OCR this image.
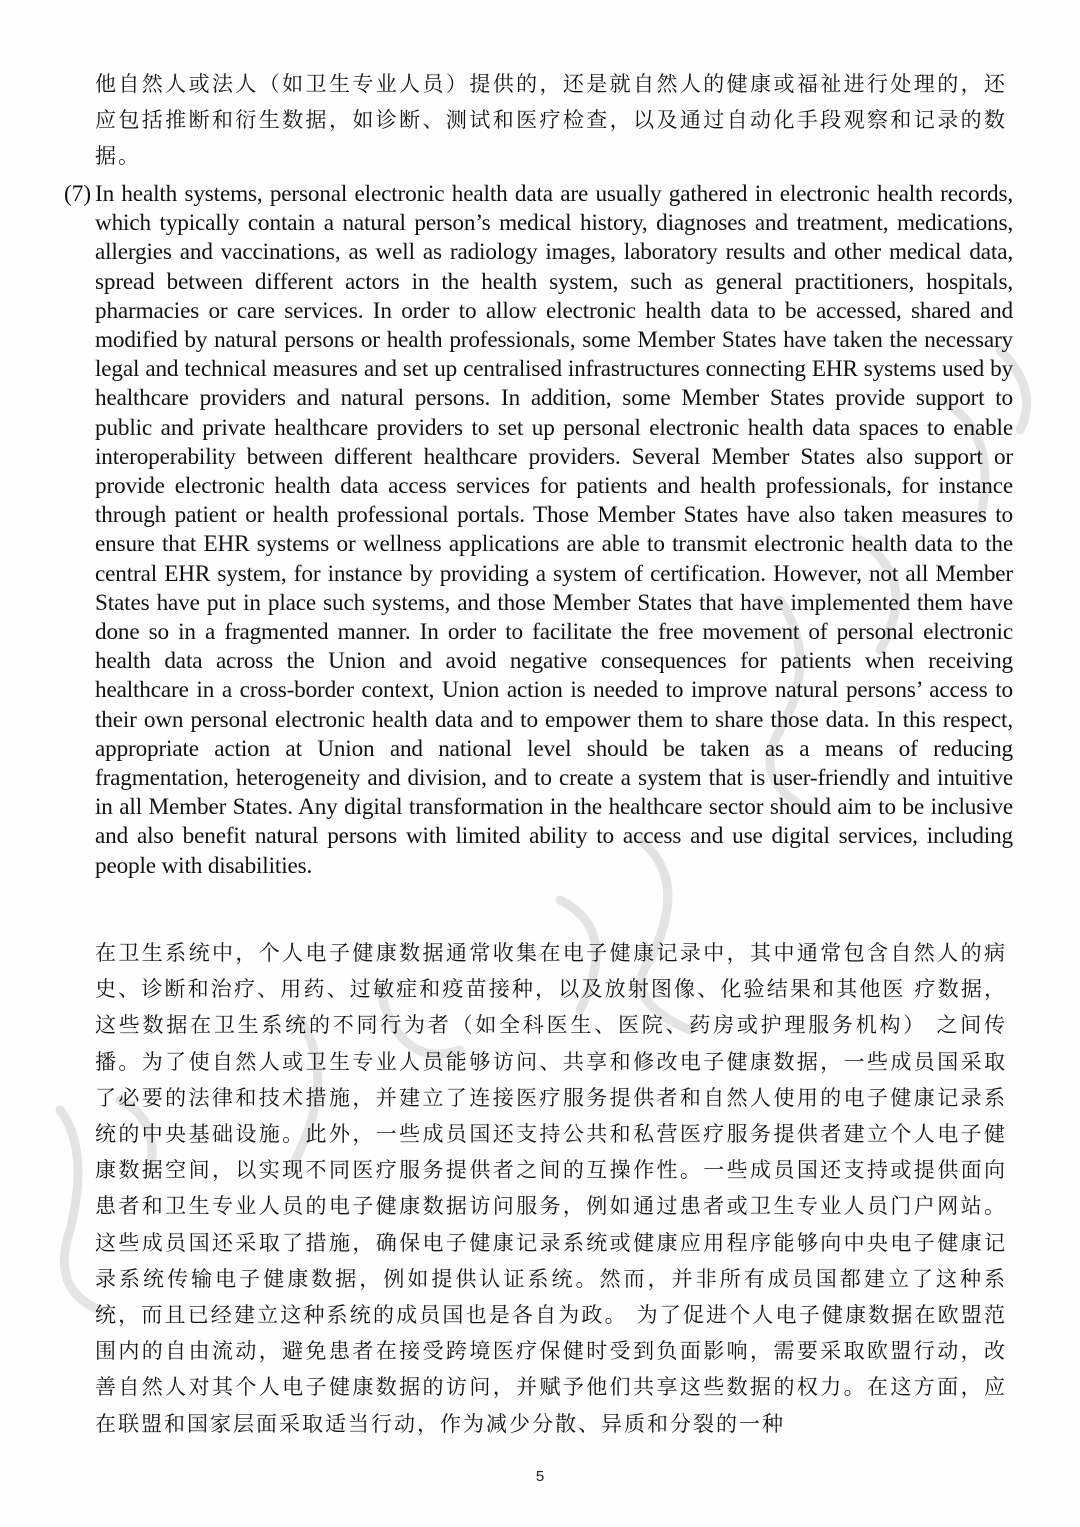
他自然人或法人（如卫生专业人员）提供的，还是就自然人的健康或福祉进行处理的，还应包括推断和衍生数据，如诊断、测试和医疗检查，以及通过自动化手段观察和记录的数据。
(7) In health systems, personal electronic health data are usually gathered in electronic health records, which typically contain a natural person’s medical history, diagnoses and treatment, medications, allergies and vaccinations, as well as radiology images, laboratory results and other medical data, spread between different actors in the health system, such as general practitioners, hospitals, pharmacies or care services. In order to allow electronic health data to be accessed, shared and modified by natural persons or health professionals, some Member States have taken the necessary legal and technical measures and set up centralised infrastructures connecting EHR systems used by healthcare providers and natural persons. In addition, some Member States provide support to public and private healthcare providers to set up personal electronic health data spaces to enable interoperability between different healthcare providers. Several Member States also support or provide electronic health data access services for patients and health professionals, for instance through patient or health professional portals. Those Member States have also taken measures to ensure that EHR systems or wellness applications are able to transmit electronic health data to the central EHR system, for instance by providing a system of certification. However, not all Member States have put in place such systems, and those Member States that have implemented them have done so in a fragmented manner. In order to facilitate the free movement of personal electronic health data across the Union and avoid negative consequences for patients when receiving healthcare in a cross-border context, Union action is needed to improve natural persons’ access to their own personal electronic health data and to empower them to share those data. In this respect, appropriate action at Union and national level should be taken as a means of reducing fragmentation, heterogeneity and division, and to create a system that is user-friendly and intuitive in all Member States. Any digital transformation in the healthcare sector should aim to be inclusive and also benefit natural persons with limited ability to access and use digital services, including people with disabilities.
在卫生系统中，个人电子健康数据通常收集在电子健康记录中，其中通常包含自然人的病史、诊断和治疗、用药、过敏症和疫苗接种，以及放射图像、化验结果和其他医 疗数据，这些数据在卫生系统的不同行为者（如全科医生、医院、药房或护理服务机构） 之间传播。为了使自然人或卫生专业人员能够访问、共享和修改电子健康数据，一些成员国采取了必要的法律和技术措施，并建立了连接医疗服务提供者和自然人使用的电子健康记录系统的中央基础设施。此外，一些成员国还支持公共和私营医疗服务提供者建立个人电子健康数据空间，以实现不同医疗服务提供者之间的互操作性。一些成员国还支持或提供面向患者和卫生专业人员的电子健康数据访问服务，例如通过患者或卫生专业人员门户网站。这些成员国还采取了措施，确保电子健康记录系统或健康应用程序能够向中央电子健康记录系统传输电子健康数据，例如提供认证系统。然而，并非所有成员国都建立了这种系统，而且已经建立这种系统的成员国也是各自为政。 为了促进个人电子健康数据在欧盟范围内的自由流动，避免患者在接受跨境医疗保健时受到负面影响，需要采取欧盟行动，改善自然人对其个人电子健康数据的访问，并赋予他们共享这些数据的权力。在这方面，应在联盟和国家层面采取适当行动，作为减少分散、异质和分裂的一种
5
